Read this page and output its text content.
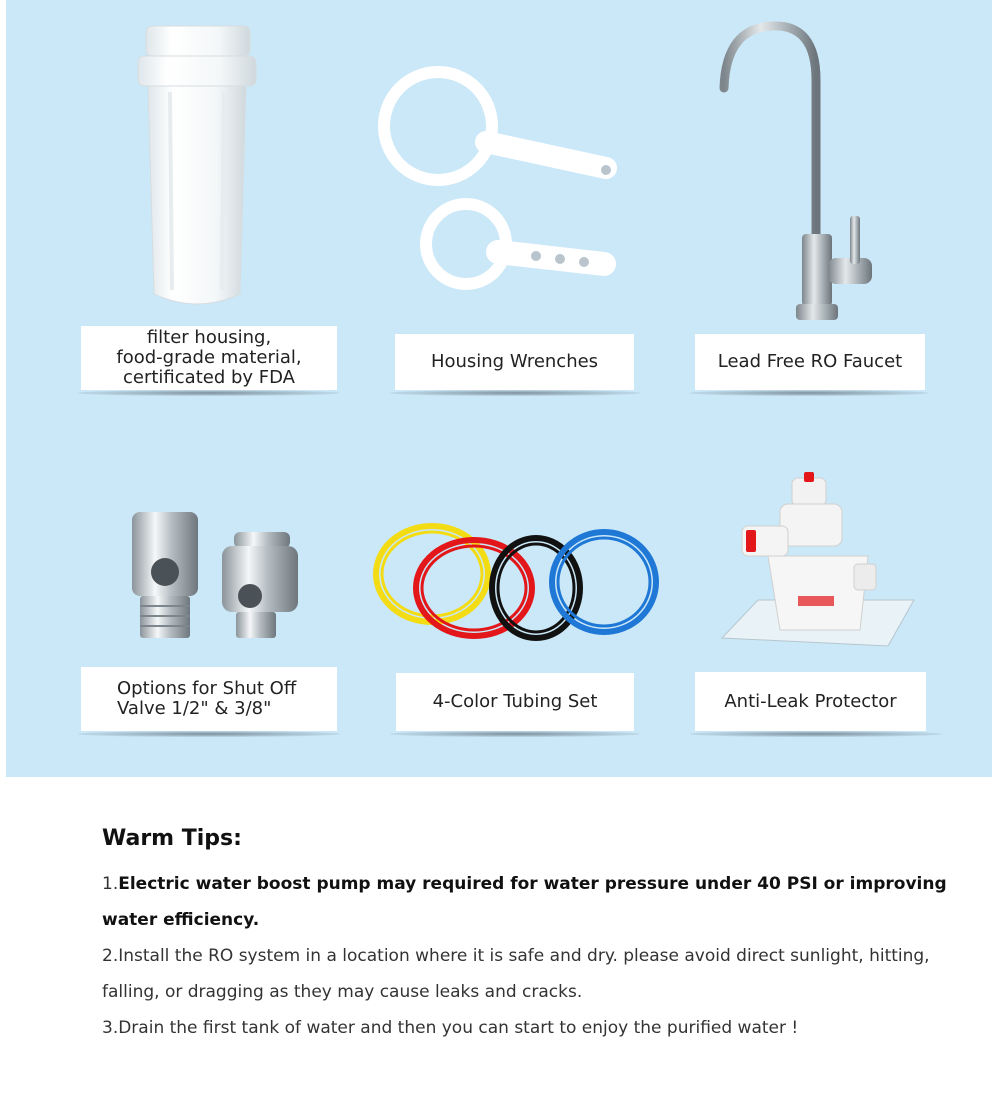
filter housing,
food-grade material,
certificated by FDA
Housing Wrenches	Lead Free RO Faucet
Options for Shut Off
Valve 1/2" & 3/8"	4-Color Tubing Set	Anti-Leak Protector
Warm Tips:

1.Electric water boost pump may required for water pressure under 40 PSI or improving water efficiency.

2.Install the RO system in a location where it is safe and dry. please avoid direct sunlight, hitting, falling, or dragging as they may cause leaks and cracks.

3.Drain the first tank of water and then you can start to enjoy the purified water !
